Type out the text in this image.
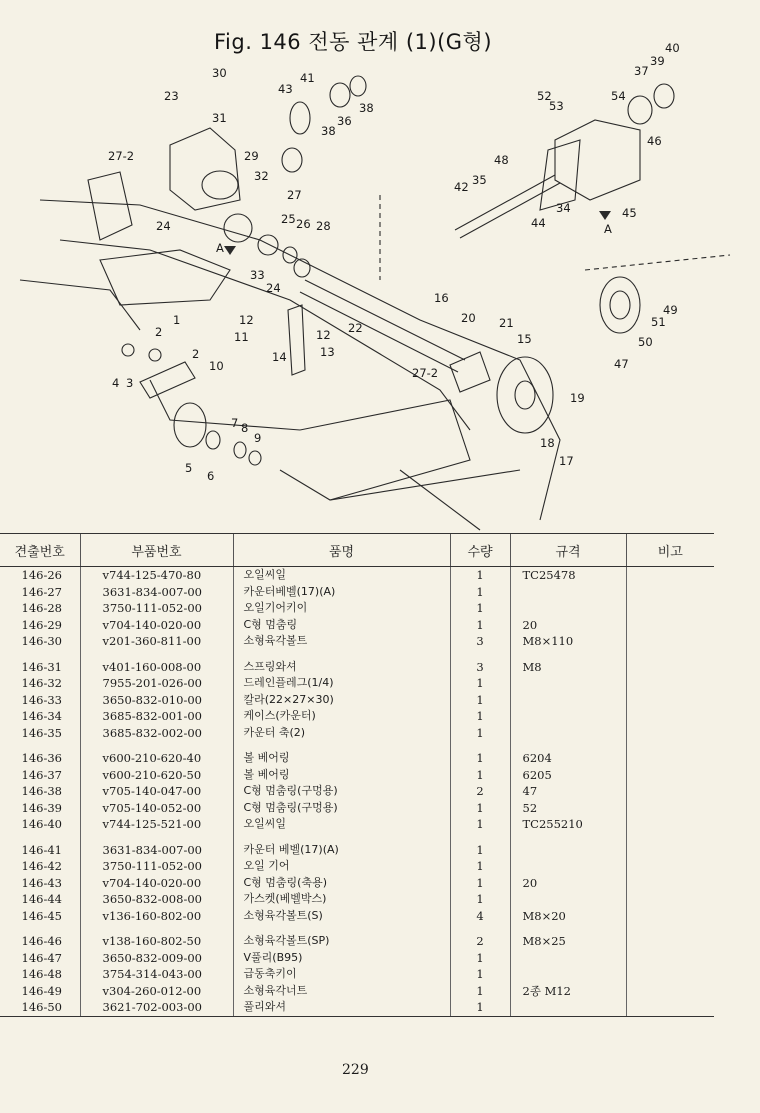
Fig. 146 전동 관계 (1)(G형)
30
31
23	43
41
38
36
38
27-2	29
27
32
24	25 26 28
33
24
22
12
11	12
14	13
10
1
2
2
4 3
5
6
7 8
9
16
20 21
27-2
15
19
18
17
52
53
54
37
39
40
46
48
42 35
44
34	45
47
51
49
50
A
A
견출번호	부품번호	품명	수량	규격	비고
146-26	v744-125-470-80	오일씨일	1	TC25478	
146-27	3631-834-007-00	카운터베벨(17)(A)	1		
146-28	3750-111-052-00	오일기어키이	1		
146-29	v704-140-020-00	C형 멈춤링	1	20	
146-30	v201-360-811-00	소형육각볼트	3	M8×110	
146-31	v401-160-008-00	스프링와셔	3	M8	
146-32	7955-201-026-00	드레인플레그(1/4)	1		
146-33	3650-832-010-00	칼라(22×27×30)	1		
146-34	3685-832-001-00	케이스(카운터)	1		
146-35	3685-832-002-00	카운터 축(2)	1		
146-36	v600-210-620-40	볼 베어링	1	6204	
146-37	v600-210-620-50	볼 베어링	1	6205	
146-38	v705-140-047-00	C형 멈춤링(구멍용)	2	47	
146-39	v705-140-052-00	C형 멈춤링(구멍용)	1	52	
146-40	v744-125-521-00	오일씨일	1	TC255210	
146-41	3631-834-007-00	카운터 베벨(17)(A)	1		
146-42	3750-111-052-00	오일 기어	1		
146-43	v704-140-020-00	C형 멈춤링(축용)	1	20	
146-44	3650-832-008-00	가스켓(베벨박스)	1		
146-45	v136-160-802-00	소형육각볼트(S)	4	M8×20	
146-46	v138-160-802-50	소형육각볼트(SP)	2	M8×25	
146-47	3650-832-009-00	V풀리(B95)	1		
146-48	3754-314-043-00	급동축키이	1		
146-49	v304-260-012-00	소형육각너트	1	2종 M12	
146-50	3621-702-003-00	풀리와셔	1		
229
